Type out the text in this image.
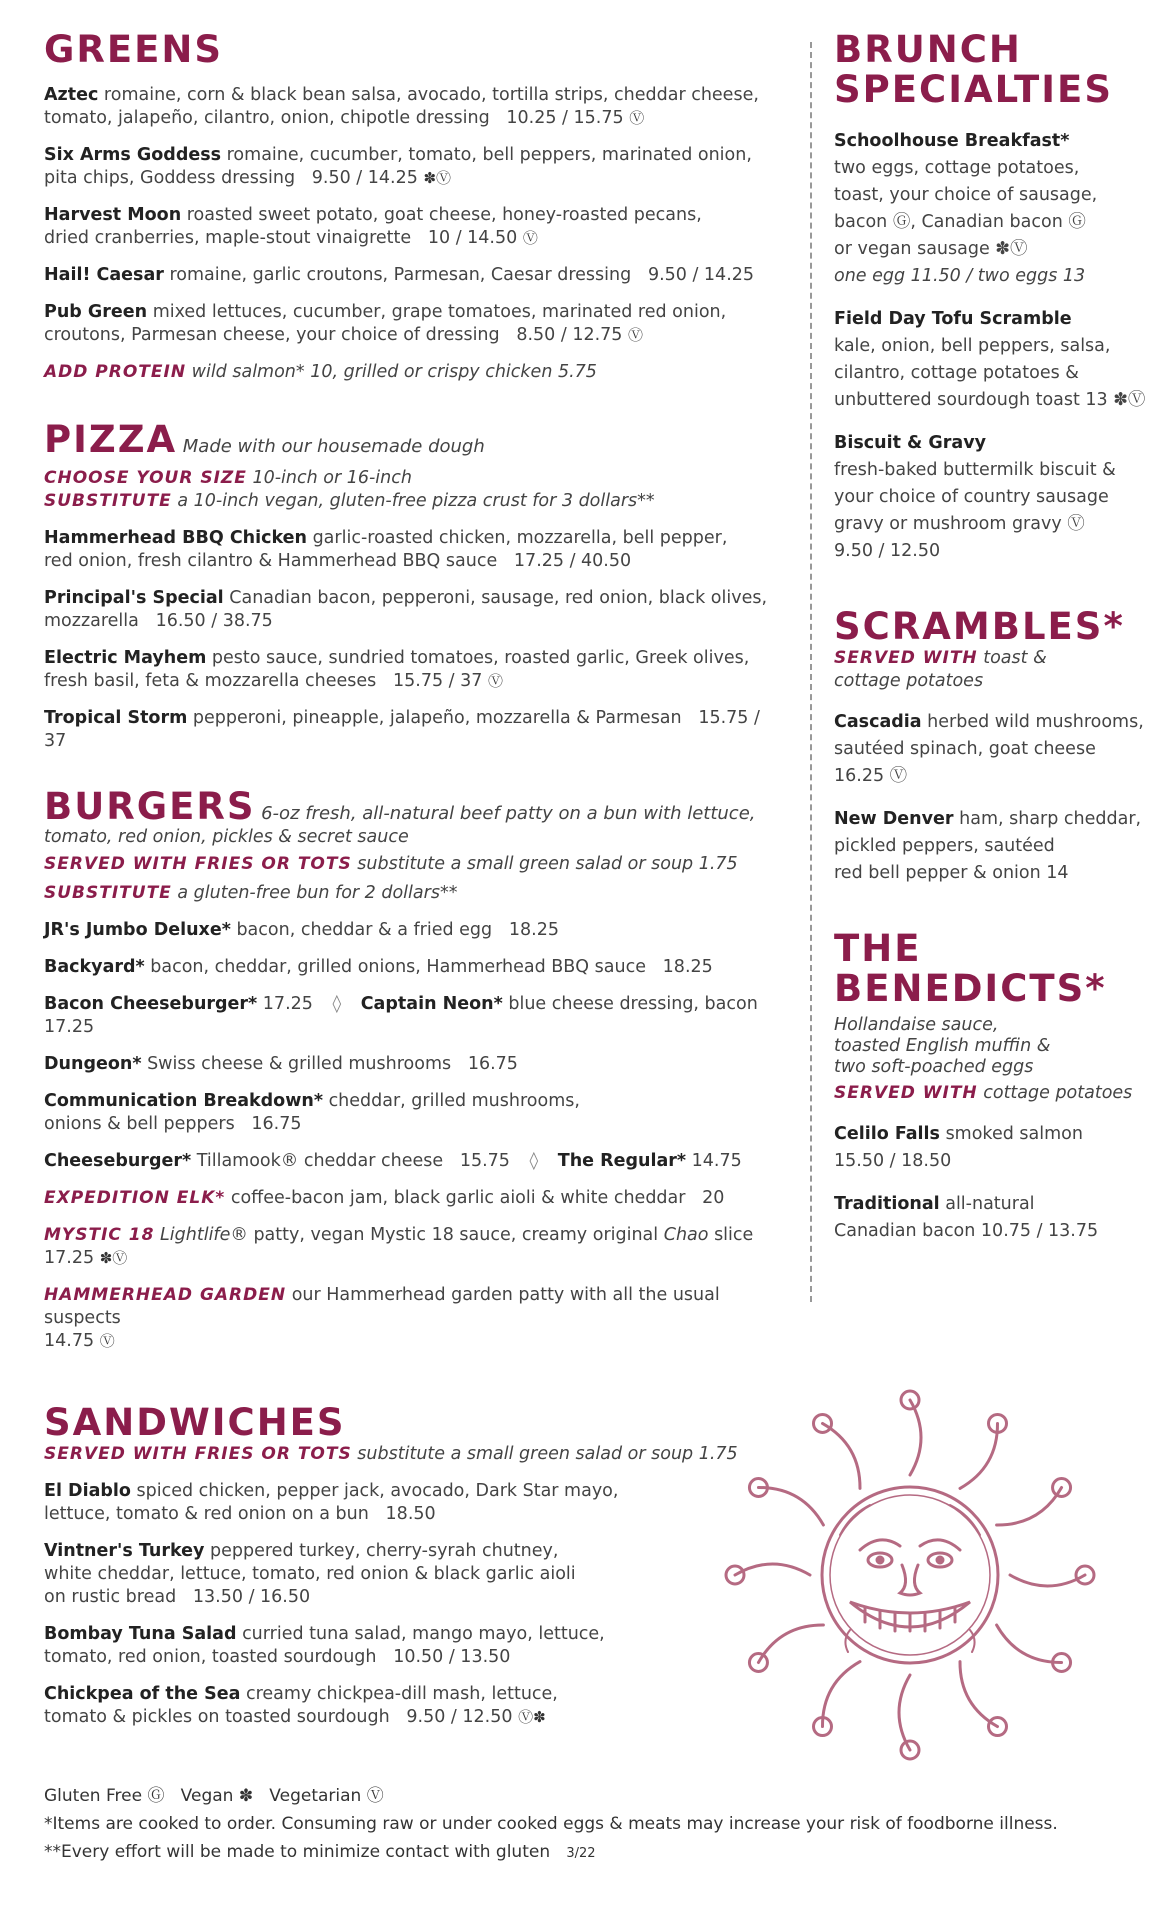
GREENS

Aztec romaine, corn & black bean salsa, avocado, tortilla strips, cheddar cheese,
tomato, jalapeño, cilantro, onion, chipotle dressing 10.25 / 15.75 Ⓥ

Six Arms Goddess romaine, cucumber, tomato, bell peppers, marinated onion,
pita chips, Goddess dressing 9.50 / 14.25 ✽Ⓥ

Harvest Moon roasted sweet potato, goat cheese, honey-roasted pecans,
dried cranberries, maple-stout vinaigrette 10 / 14.50 Ⓥ

Hail! Caesar romaine, garlic croutons, Parmesan, Caesar dressing 9.50 / 14.25

Pub Green mixed lettuces, cucumber, grape tomatoes, marinated red onion,
croutons, Parmesan cheese, your choice of dressing 8.50 / 12.75 Ⓥ

ADD PROTEIN wild salmon* 10, grilled or crispy chicken 5.75

PIZZA Made with our housemade dough

CHOOSE YOUR SIZE 10-inch or 16-inch

SUBSTITUTE a 10-inch vegan, gluten-free pizza crust for 3 dollars**

Hammerhead BBQ Chicken garlic-roasted chicken, mozzarella, bell pepper,
red onion, fresh cilantro & Hammerhead BBQ sauce 17.25 / 40.50

Principal's Special Canadian bacon, pepperoni, sausage, red onion, black olives,
mozzarella 16.50 / 38.75

Electric Mayhem pesto sauce, sundried tomatoes, roasted garlic, Greek olives,
fresh basil, feta & mozzarella cheeses 15.75 / 37 Ⓥ

Tropical Storm pepperoni, pineapple, jalapeño, mozzarella & Parmesan 15.75 / 37

BURGERS 6-oz fresh, all-natural beef patty on a bun with lettuce,

tomato, red onion, pickles & secret sauce

SERVED WITH FRIES OR TOTS substitute a small green salad or soup 1.75

SUBSTITUTE a gluten-free bun for 2 dollars**

JR's Jumbo Deluxe* bacon, cheddar & a fried egg 18.25

Backyard* bacon, cheddar, grilled onions, Hammerhead BBQ sauce 18.25

Bacon Cheeseburger* 17.25 ◊ Captain Neon* blue cheese dressing, bacon 17.25

Dungeon* Swiss cheese & grilled mushrooms 16.75

Communication Breakdown* cheddar, grilled mushrooms,
onions & bell peppers 16.75

Cheeseburger* Tillamook® cheddar cheese 15.75 ◊ The Regular* 14.75

EXPEDITION ELK* coffee-bacon jam, black garlic aioli & white cheddar 20

MYSTIC 18 Lightlife® patty, vegan Mystic 18 sauce, creamy original Chao slice   17.25 ✽Ⓥ

HAMMERHEAD GARDEN our Hammerhead garden patty with all the usual suspects
14.75 Ⓥ

SANDWICHES

SERVED WITH FRIES OR TOTS substitute a small green salad or soup 1.75

El Diablo spiced chicken, pepper jack, avocado, Dark Star mayo,
lettuce, tomato & red onion on a bun 18.50

Vintner's Turkey peppered turkey, cherry-syrah chutney,
white cheddar, lettuce, tomato, red onion & black garlic aioli
on rustic bread 13.50 / 16.50

Bombay Tuna Salad curried tuna salad, mango mayo, lettuce,
tomato, red onion, toasted sourdough 10.50 / 13.50

Chickpea of the Sea creamy chickpea-dill mash, lettuce,
tomato & pickles on toasted sourdough 9.50 / 12.50 Ⓥ✽

BRUNCH
SPECIALTIES

Schoolhouse Breakfast*
two eggs, cottage potatoes,
toast, your choice of sausage,
bacon Ⓖ, Canadian bacon Ⓖ
or vegan sausage ✽Ⓥ
one egg 11.50 / two eggs 13

Field Day Tofu Scramble
kale, onion, bell peppers, salsa,
cilantro, cottage potatoes &
unbuttered sourdough toast 13 ✽Ⓥ

Biscuit & Gravy
fresh-baked buttermilk biscuit &
your choice of country sausage
gravy or mushroom gravy Ⓥ
9.50 / 12.50

SCRAMBLES*

SERVED WITH toast &
cottage potatoes

Cascadia herbed wild mushrooms,
sautéed spinach, goat cheese
16.25 Ⓥ

New Denver ham, sharp cheddar,
pickled peppers, sautéed
red bell pepper & onion 14

THE
BENEDICTS*

Hollandaise sauce,
toasted English muffin &
two soft-poached eggs

SERVED WITH cottage potatoes

Celilo Falls smoked salmon
15.50 / 18.50

Traditional all-natural
Canadian bacon 10.75 / 13.75

Gluten Free Ⓖ Vegan ✽ Vegetarian Ⓥ
*Items are cooked to order. Consuming raw or under cooked eggs & meats may increase your risk of foodborne illness.
**Every effort will be made to minimize contact with gluten 3/22
